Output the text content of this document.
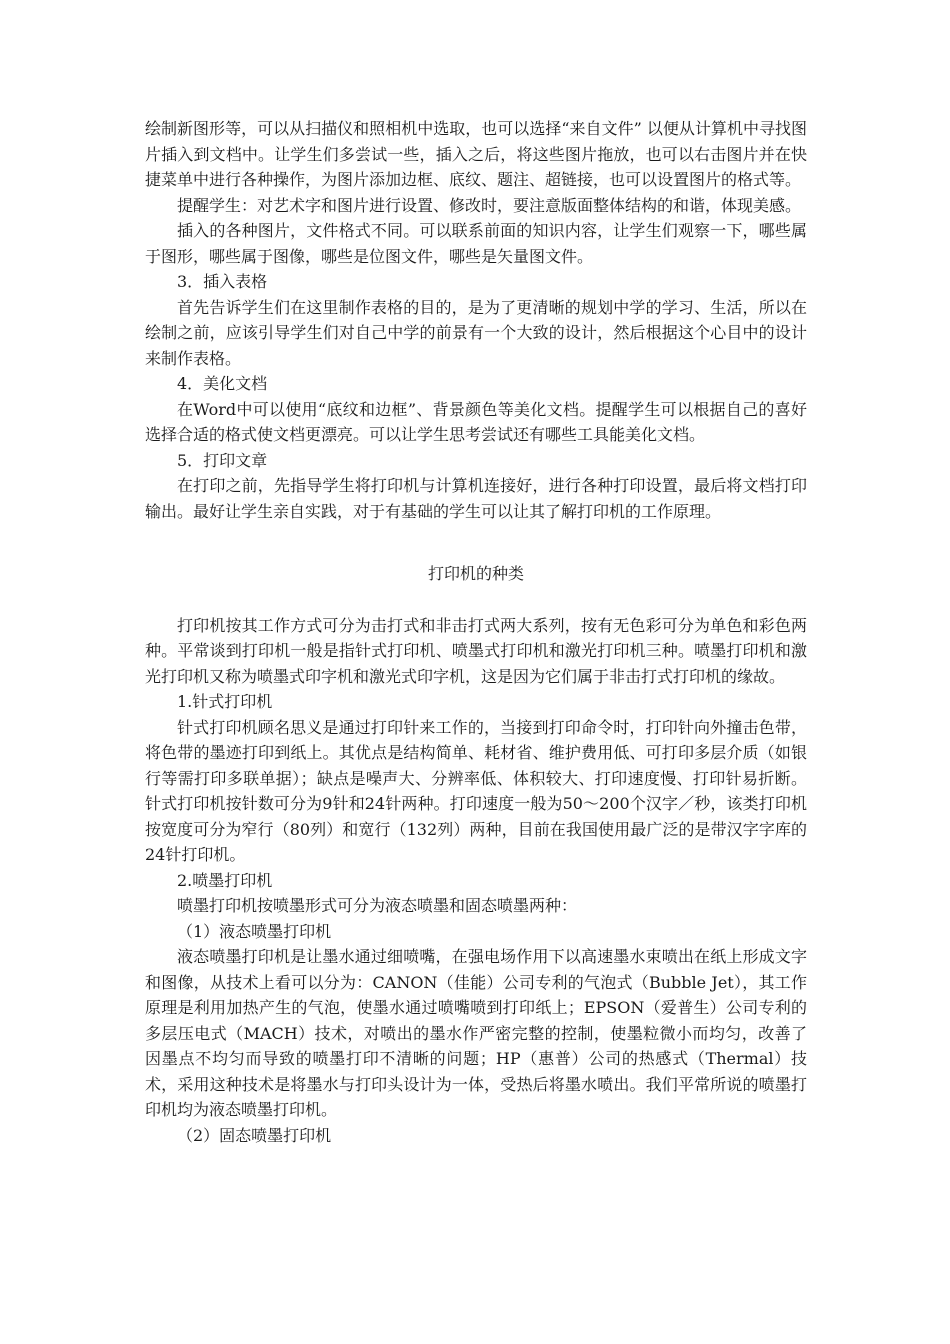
绘制新图形等，可以从扫描仪和照相机中选取，也可以选择“来自文件” 以便从计算机中寻找图片插入到文档中。让学生们多尝试一些，插入之后，将这些图片拖放，也可以右击图片并在快捷菜单中进行各种操作，为图片添加边框、底纹、题注、超链接，也可以设置图片的格式等。

提醒学生：对艺术字和图片进行设置、修改时，要注意版面整体结构的和谐，体现美感。

插入的各种图片，文件格式不同。可以联系前面的知识内容，让学生们观察一下，哪些属于图形，哪些属于图像，哪些是位图文件，哪些是矢量图文件。

3．插入表格

首先告诉学生们在这里制作表格的目的，是为了更清晰的规划中学的学习、生活，所以在绘制之前，应该引导学生们对自己中学的前景有一个大致的设计，然后根据这个心目中的设计来制作表格。

4．美化文档

在Word中可以使用“底纹和边框”、背景颜色等美化文档。提醒学生可以根据自己的喜好选择合适的格式使文档更漂亮。可以让学生思考尝试还有哪些工具能美化文档。

5．打印文章

在打印之前，先指导学生将打印机与计算机连接好，进行各种打印设置，最后将文档打印输出。最好让学生亲自实践，对于有基础的学生可以让其了解打印机的工作原理。

打印机的种类

打印机按其工作方式可分为击打式和非击打式两大系列，按有无色彩可分为单色和彩色两种。平常谈到打印机一般是指针式打印机、喷墨式打印机和激光打印机三种。喷墨打印机和激光打印机又称为喷墨式印字机和激光式印字机，这是因为它们属于非击打式打印机的缘故。

1.针式打印机

针式打印机顾名思义是通过打印针来工作的，当接到打印命令时，打印针向外撞击色带，将色带的墨迹打印到纸上。其优点是结构简单、耗材省、维护费用低、可打印多层介质（如银行等需打印多联单据）；缺点是噪声大、分辨率低、体积较大、打印速度慢、打印针易折断。针式打印机按针数可分为9针和24针两种。打印速度一般为50～200个汉字／秒，该类打印机按宽度可分为窄行（80列）和宽行（132列）两种，目前在我国使用最广泛的是带汉字字库的24针打印机。

2.喷墨打印机

喷墨打印机按喷墨形式可分为液态喷墨和固态喷墨两种：

（1）液态喷墨打印机

液态喷墨打印机是让墨水通过细喷嘴，在强电场作用下以高速墨水束喷出在纸上形成文字和图像，从技术上看可以分为：CANON（佳能）公司专利的气泡式（Bubble Jet），其工作原理是利用加热产生的气泡，使墨水通过喷嘴喷到打印纸上；EPSON（爱普生）公司专利的多层压电式（MACH）技术，对喷出的墨水作严密完整的控制，使墨粒微小而均匀，改善了因墨点不均匀而导致的喷墨打印不清晰的问题；HP（惠普）公司的热感式（Thermal）技术，采用这种技术是将墨水与打印头设计为一体，受热后将墨水喷出。我们平常所说的喷墨打印机均为液态喷墨打印机。

（2）固态喷墨打印机
